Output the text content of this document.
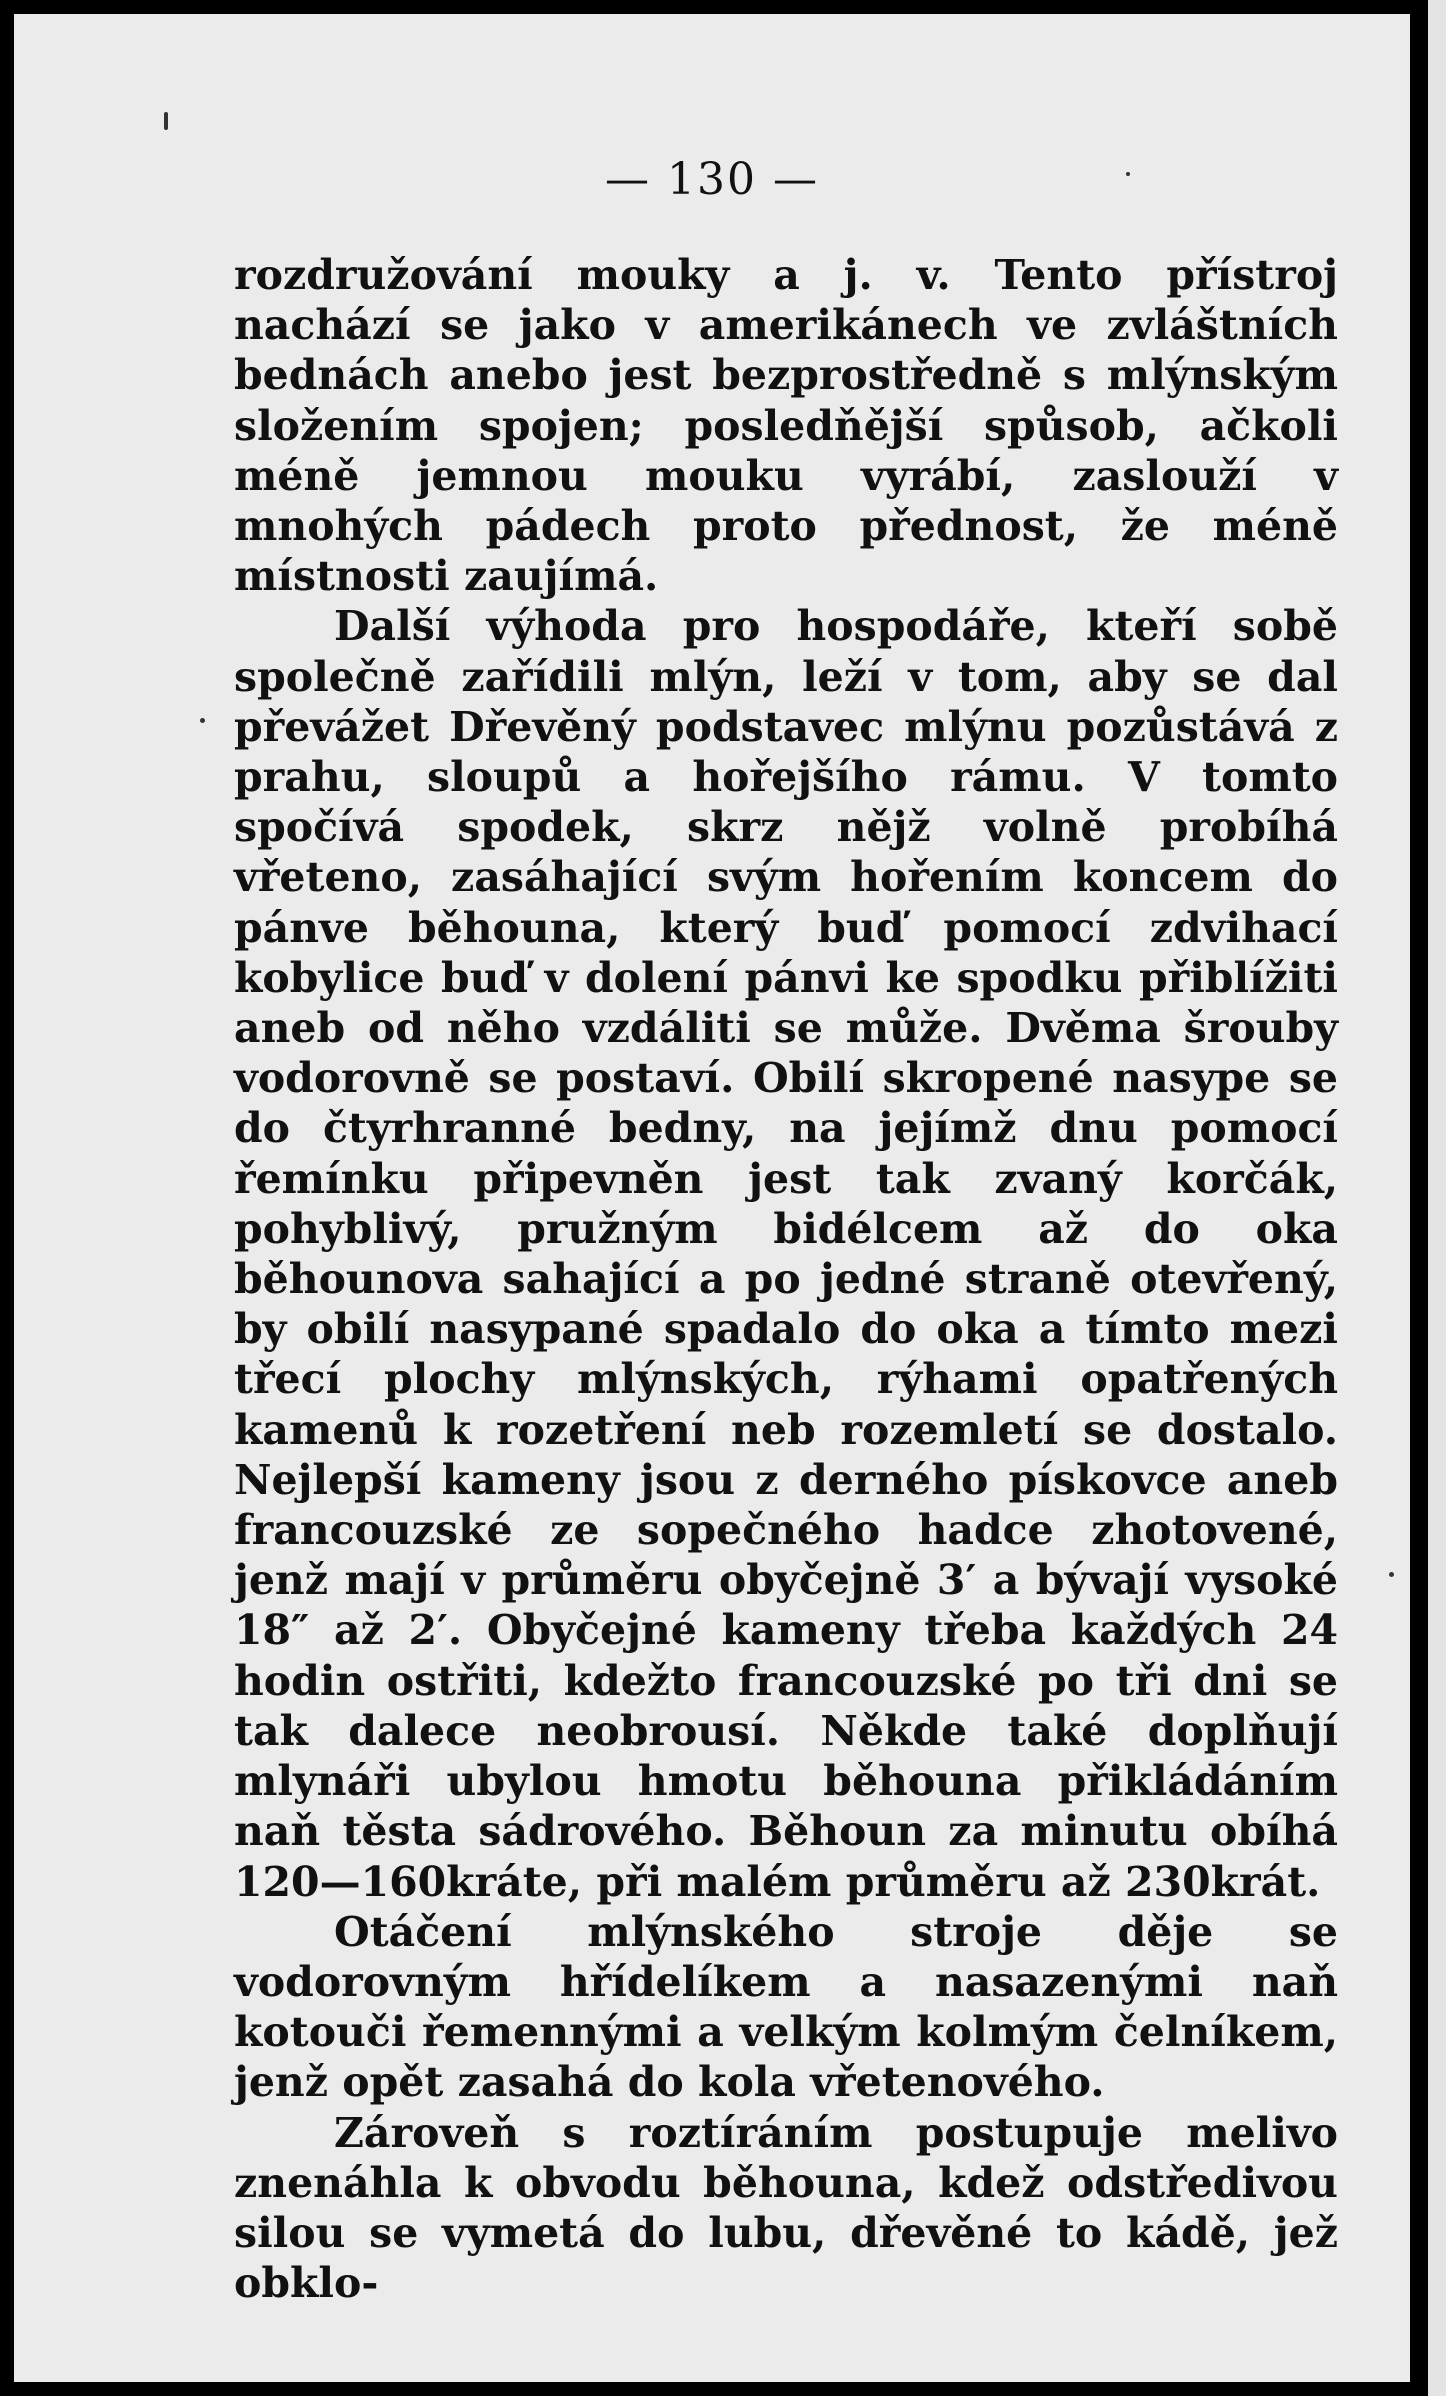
— 130 —

rozdružování mouky a j. v. Tento přístroj nachází se jako v amerikánech ve zvláštních bednách anebo jest bezprostředně s mlýnským složením spojen; posledňější spůsob, ačkoli méně jemnou mouku vyrábí, zaslouží v mnohých pádech proto přednost, že méně místnosti zaujímá.

Další výhoda pro hospodáře, kteří sobě společně zařídili mlýn, leží v tom, aby se dal převážet Dřevěný podstavec mlýnu pozůstává z prahu, sloupů a hořejšího rámu. V tomto spočívá spodek, skrz nějž volně probíhá vřeteno, zasáhající svým hořením koncem do pánve běhouna, který buď pomocí zdvihací kobylice buď v dolení pánvi ke spodku přiblížiti aneb od něho vzdáliti se může. Dvěma šrouby vodorovně se postaví. Obilí skropené nasype se do čtyrhranné bedny, na jejímž dnu pomocí řemínku připevněn jest tak zvaný korčák, pohyblivý, pružným bidélcem až do oka běhounova sahající a po jedné straně otevřený, by obilí nasypané spadalo do oka a tímto mezi třecí plochy mlýnských, rýhami opatřených kamenů k rozetření neb rozemletí se dostalo. Nejlepší kameny jsou z derného pískovce aneb francouzské ze sopečného hadce zhotovené, jenž mají v průměru obyčejně 3′ a bývají vysoké 18″ až 2′. Obyčejné kameny třeba každých 24 hodin ostřiti, kdežto francouzské po tři dni se tak dalece neobrousí. Někde také doplňují mlynáři ubylou hmotu běhouna přikládáním naň těsta sádrového. Běhoun za minutu obíhá 120—160kráte, při malém průměru až 230krát.

Otáčení mlýnského stroje děje se vodorovným hřídelíkem a nasazenými naň kotouči řemennými a velkým kolmým čelníkem, jenž opět zasahá do kola vřetenového.

Zároveň s roztíráním postupuje melivo znenáhla k obvodu běhouna, kdež odstředivou silou se vymetá do lubu, dřevěné to kádě, jež obklo-
